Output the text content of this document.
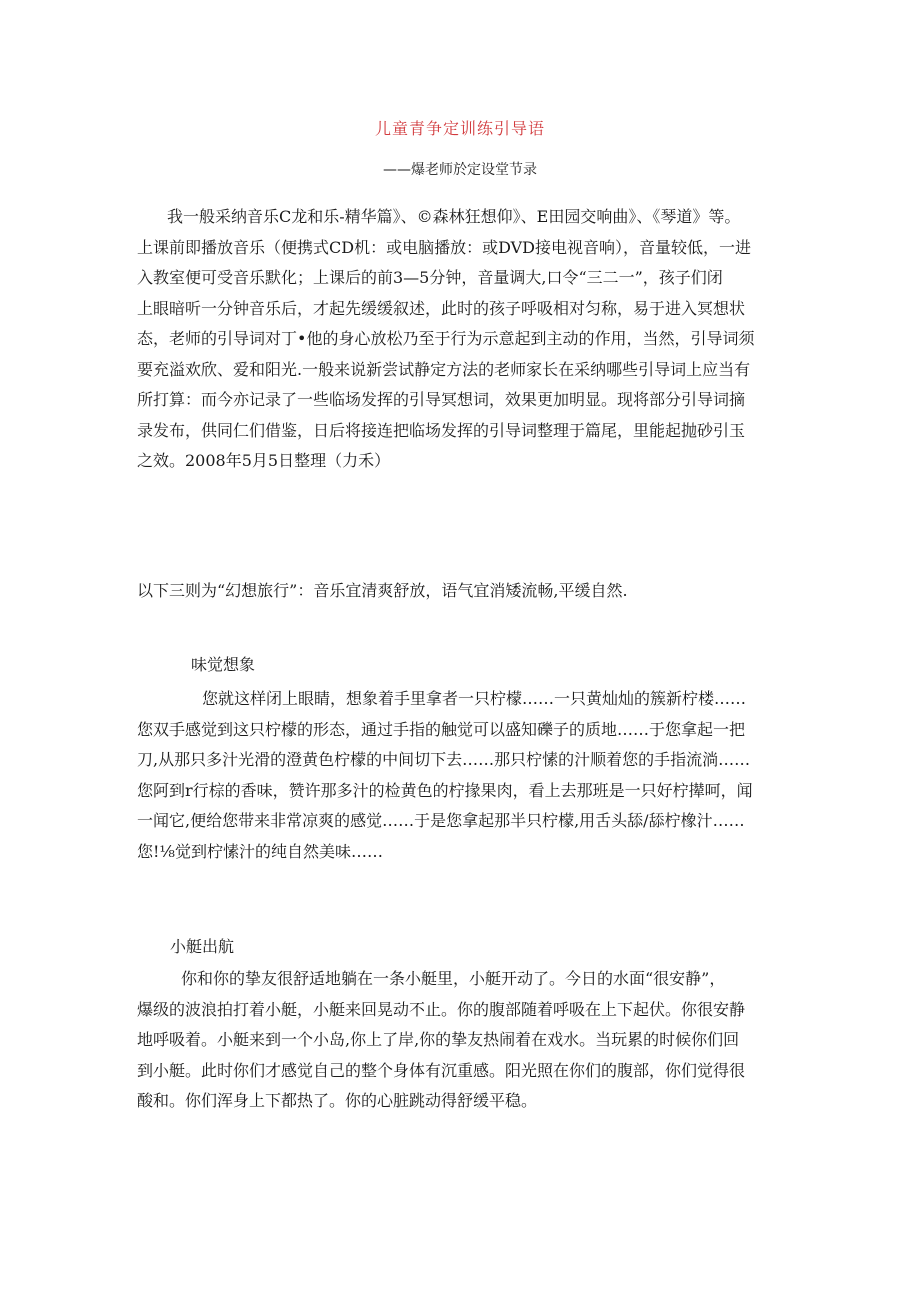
儿童青争定训练引导语
——爆老师於定设堂节录
我一般采纳音乐C龙和乐-精华篇》、©森林狂想仰》、E田园交响曲》、《琴道》等。
上课前即播放音乐（便携式CD机：或电脑播放：或DVD接电视音响），音量较低，一进
入教室便可受音乐默化；上课后的前3—5分钟，音量调大,口令“三二一”，孩子们闭
上眼暗听一分钟音乐后，才起先缓缓叙述，此时的孩子呼吸相对匀称，易于进入冥想状
态，老师的引导词对丁•他的身心放松乃至于行为示意起到主动的作用，当然，引导词须
要充溢欢欣、爱和阳光.一般来说新尝试静定方法的老师家长在采纳哪些引导词上应当有
所打算：而今亦记录了一些临场发挥的引导冥想词，效果更加明显。现将部分引导词摘
录发布，供同仁们借鉴，日后将接连把临场发挥的引导词整理于篇尾，里能起抛砂引玉
之效。2008年5月5日整理（力禾）
以下三则为“幻想旅行”：音乐宜清爽舒放，语气宜消矮流畅,平缓自然.
味觉想象
您就这样闭上眼睛，想象着手里拿者一只柠檬……一只黄灿灿的簇新柠楼……
您双手感觉到这只柠檬的形态，通过手指的触觉可以盛知礫子的质地……于您拿起一把
刀,从那只多汁光滑的澄黄色柠檬的中间切下去……那只柠愫的汁顺着您的手指流淌……
您阿到r行棕的香味，赞许那多汁的检黄色的柠掾果肉，看上去那班是一只好柠撵呵，闻
一闻它,便给您带来非常凉爽的感觉……于是您拿起那半只柠檬,用舌头舔/舔柠橡汁……
您!⅛觉到柠愫汁的纯自然美味……
小艇出航
你和你的挚友很舒适地躺在一条小艇里，小艇开动了。今日的水面“很安静”，
爆级的波浪拍打着小艇，小艇来回晃动不止。你的腹部随着呼吸在上下起伏。你很安静
地呼吸着。小艇来到一个小岛,你上了岸,你的挚友热闹着在戏水。当玩累的时候你们回
到小艇。此时你们才感觉自己的整个身体有沉重感。阳光照在你们的腹部，你们觉得很
酸和。你们浑身上下都热了。你的心脏跳动得舒缓平稳。
